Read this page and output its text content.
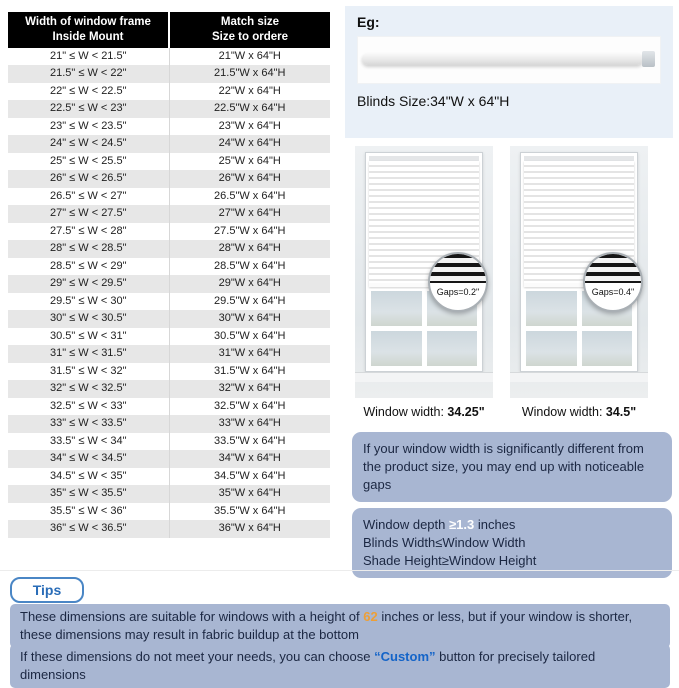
Width of window frame
Inside Mount

Match size
Size to ordere

21" ≤ W < 21.5"	21"W x 64"H
21.5" ≤ W < 22"	21.5"W x 64"H
22" ≤ W < 22.5"	22"W x 64"H
22.5" ≤ W < 23"	22.5"W x 64"H
23" ≤ W < 23.5"	23"W x 64"H
24" ≤ W < 24.5"	24"W x 64"H
25" ≤ W < 25.5"	25"W x 64"H
26" ≤ W < 26.5"	26"W x 64"H
26.5" ≤ W < 27"	26.5"W x 64"H
27" ≤ W < 27.5"	27"W x 64"H
27.5" ≤ W < 28"	27.5"W x 64"H
28" ≤ W < 28.5"	28"W x 64"H
28.5" ≤ W < 29"	28.5"W x 64"H
29" ≤ W < 29.5"	29"W x 64"H
29.5" ≤ W < 30"	29.5"W x 64"H
30" ≤ W < 30.5"	30"W x 64"H
30.5" ≤ W < 31"	30.5"W x 64"H
31" ≤ W < 31.5"	31"W x 64"H
31.5" ≤ W < 32"	31.5"W x 64"H
32" ≤ W < 32.5"	32"W x 64"H
32.5" ≤ W < 33"	32.5"W x 64"H
33" ≤ W < 33.5"	33"W x 64"H
33.5" ≤ W < 34"	33.5"W x 64"H
34" ≤ W < 34.5"	34"W x 64"H
34.5" ≤ W < 35"	34.5"W x 64"H
35" ≤ W < 35.5"	35"W x 64"H
35.5" ≤ W < 36"	35.5"W x 64"H
36" ≤ W < 36.5"	36"W x 64"H
Eg:
Blinds Size:34"W x 64"H
Gaps=0.2"
Window width: 34.25"
Gaps=0.4"
Window width: 34.5"
If your window width is significantly different from the product size, you may end up with noticeable gaps
Window depth ≥1.3 inches
Blinds Width≤Window Width
Shade Height≥Window Height
Tips
These dimensions are suitable for windows with a height of 62 inches or less, but if your window is shorter, these dimensions may result in fabric buildup at the bottom
If these dimensions do not meet your needs, you can choose “Custom” button for precisely tailored dimensions
